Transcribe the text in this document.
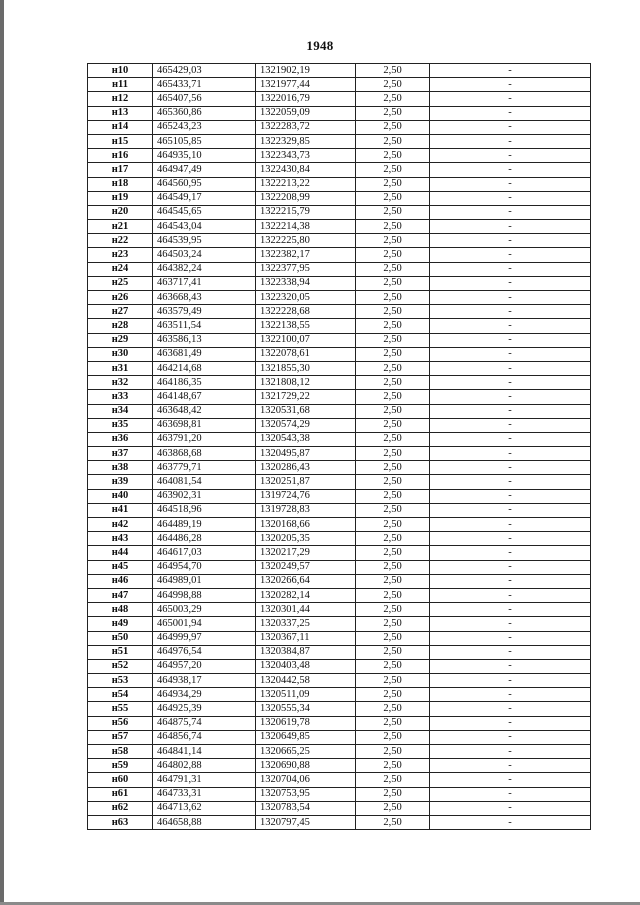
1948
н10	465429,03	1321902,19	2,50	-
н11	465433,71	1321977,44	2,50	-
н12	465407,56	1322016,79	2,50	-
н13	465360,86	1322059,09	2,50	-
н14	465243,23	1322283,72	2,50	-
н15	465105,85	1322329,85	2,50	-
н16	464935,10	1322343,73	2,50	-
н17	464947,49	1322430,84	2,50	-
н18	464560,95	1322213,22	2,50	-
н19	464549,17	1322208,99	2,50	-
н20	464545,65	1322215,79	2,50	-
н21	464543,04	1322214,38	2,50	-
н22	464539,95	1322225,80	2,50	-
н23	464503,24	1322382,17	2,50	-
н24	464382,24	1322377,95	2,50	-
н25	463717,41	1322338,94	2,50	-
н26	463668,43	1322320,05	2,50	-
н27	463579,49	1322228,68	2,50	-
н28	463511,54	1322138,55	2,50	-
н29	463586,13	1322100,07	2,50	-
н30	463681,49	1322078,61	2,50	-
н31	464214,68	1321855,30	2,50	-
н32	464186,35	1321808,12	2,50	-
н33	464148,67	1321729,22	2,50	-
н34	463648,42	1320531,68	2,50	-
н35	463698,81	1320574,29	2,50	-
н36	463791,20	1320543,38	2,50	-
н37	463868,68	1320495,87	2,50	-
н38	463779,71	1320286,43	2,50	-
н39	464081,54	1320251,87	2,50	-
н40	463902,31	1319724,76	2,50	-
н41	464518,96	1319728,83	2,50	-
н42	464489,19	1320168,66	2,50	-
н43	464486,28	1320205,35	2,50	-
н44	464617,03	1320217,29	2,50	-
н45	464954,70	1320249,57	2,50	-
н46	464989,01	1320266,64	2,50	-
н47	464998,88	1320282,14	2,50	-
н48	465003,29	1320301,44	2,50	-
н49	465001,94	1320337,25	2,50	-
н50	464999,97	1320367,11	2,50	-
н51	464976,54	1320384,87	2,50	-
н52	464957,20	1320403,48	2,50	-
н53	464938,17	1320442,58	2,50	-
н54	464934,29	1320511,09	2,50	-
н55	464925,39	1320555,34	2,50	-
н56	464875,74	1320619,78	2,50	-
н57	464856,74	1320649,85	2,50	-
н58	464841,14	1320665,25	2,50	-
н59	464802,88	1320690,88	2,50	-
н60	464791,31	1320704,06	2,50	-
н61	464733,31	1320753,95	2,50	-
н62	464713,62	1320783,54	2,50	-
н63	464658,88	1320797,45	2,50	-
